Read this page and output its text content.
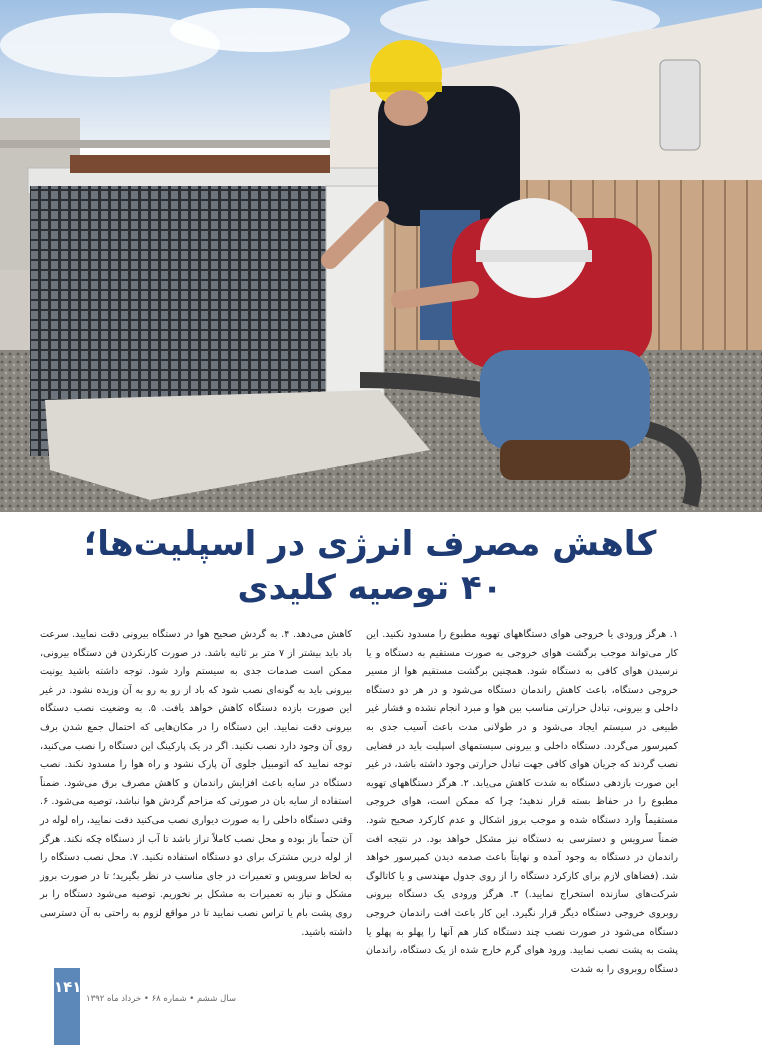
کاهش مصرف انرژی در اسپلیت‌ها؛
۴۰ توصیه کلیدی

۱. هرگز ورودی یا خروجی هوای دستگاههای تهویه مطبوع را مسدود نکنید. این کار می‌تواند موجب برگشت هوای خروجی به صورت مستقیم به دستگاه و یا نرسیدن هوای کافی به دستگاه شود. همچنین برگشت مستقیم هوا از مسیر خروجی دستگاه، باعث کاهش راندمان دستگاه می‌شود و در هر دو دستگاه داخلی و بیرونی، تبادل حرارتی مناسب بین هوا و مبرد انجام نشده و فشار غیر طبیعی در سیستم ایجاد می‌شود و در طولانی مدت باعث آسیب جدی به کمپرسور می‌گردد. دستگاه داخلی و بیرونی سیستمهای اسپلیت باید در فضایی نصب گردند که جریان هوای کافی جهت تبادل حرارتی وجود داشته باشد، در غیر این صورت بازدهی دستگاه به شدت کاهش می‌یابد. ۲. هرگز دستگاههای تهویه مطبوع را در حفاظ بسته قرار ندهید؛ چرا که ممکن است، هوای خروجی مستقیماً وارد دستگاه شده و موجب بروز اشکال و عدم کارکرد صحیح شود. ضمناً سرویس و دسترسی به دستگاه نیز مشکل خواهد بود. در نتیجه افت راندمان در دستگاه به وجود آمده و نهایتاً باعث صدمه دیدن کمپرسور خواهد شد. (فضاهای لازم برای کارکرد دستگاه را از روی جدول مهندسی و یا کاتالوگ شرکت‌های سازنده استخراج نمایید.) ۳. هرگز ورودی یک دستگاه بیرونی روبروی خروجی دستگاه دیگر قرار نگیرد. این کار باعث افت راندمان خروجی دستگاه می‌شود در صورت نصب چند دستگاه کنار هم آنها را پهلو به پهلو یا پشت به پشت نصب نمایید. ورود هوای گرم خارج شده از یک دستگاه، راندمان دستگاه روبروی را به شدت

کاهش می‌دهد. ۴. به گردش صحیح هوا در دستگاه بیرونی دقت نمایید. سرعت باد باید بیشتر از ۷ متر بر ثانیه باشد. در صورت کارنکردن فن دستگاه بیرونی، ممکن است صدمات جدی به سیستم وارد شود. توجه داشته باشید یونیت بیرونی باید به گونه‌ای نصب شود که باد از رو به رو به آن وزیده نشود. در غیر این صورت بازده دستگاه کاهش خواهد یافت. ۵. به وضعیت نصب دستگاه بیرونی دقت نمایید. این دستگاه را در مکان‌هایی که احتمال جمع شدن برف روی آن وجود دارد نصب نکنید. اگر در یک پارکینگ این دستگاه را نصب می‌کنید، توجه نمایید که اتومبیل جلوی آن پارک نشود و راه هوا را مسدود نکند. نصب دستگاه در سایه باعث افزایش راندمان و کاهش مصرف برق می‌شود. ضمناً استفاده از سایه بان در صورتی که مزاحم گردش هوا نباشد، توصیه می‌شود. ۶. وقتی دستگاه داخلی را به صورت دیواری نصب می‌کنید دقت نمایید، راه لوله در آن حتماً باز بوده و محل نصب کاملاً تراز باشد تا آب از دستگاه چکه نکند. هرگز از لوله درین مشترک برای دو دستگاه استفاده نکنید. ۷. محل نصب دستگاه را به لحاظ سرویس و تعمیرات در جای مناسب در نظر بگیرید؛ تا در صورت بروز مشکل و نیاز به تعمیرات به مشکل بر نخوریم. توصیه می‌شود دستگاه را بر روی پشت بام یا تراس نصب نمایید تا در مواقع لزوم به راحتی به آن دسترسی داشته باشید.

۱۴۱
سال ششم • شماره ۶۸ • خرداد ماه ۱۳۹۲
